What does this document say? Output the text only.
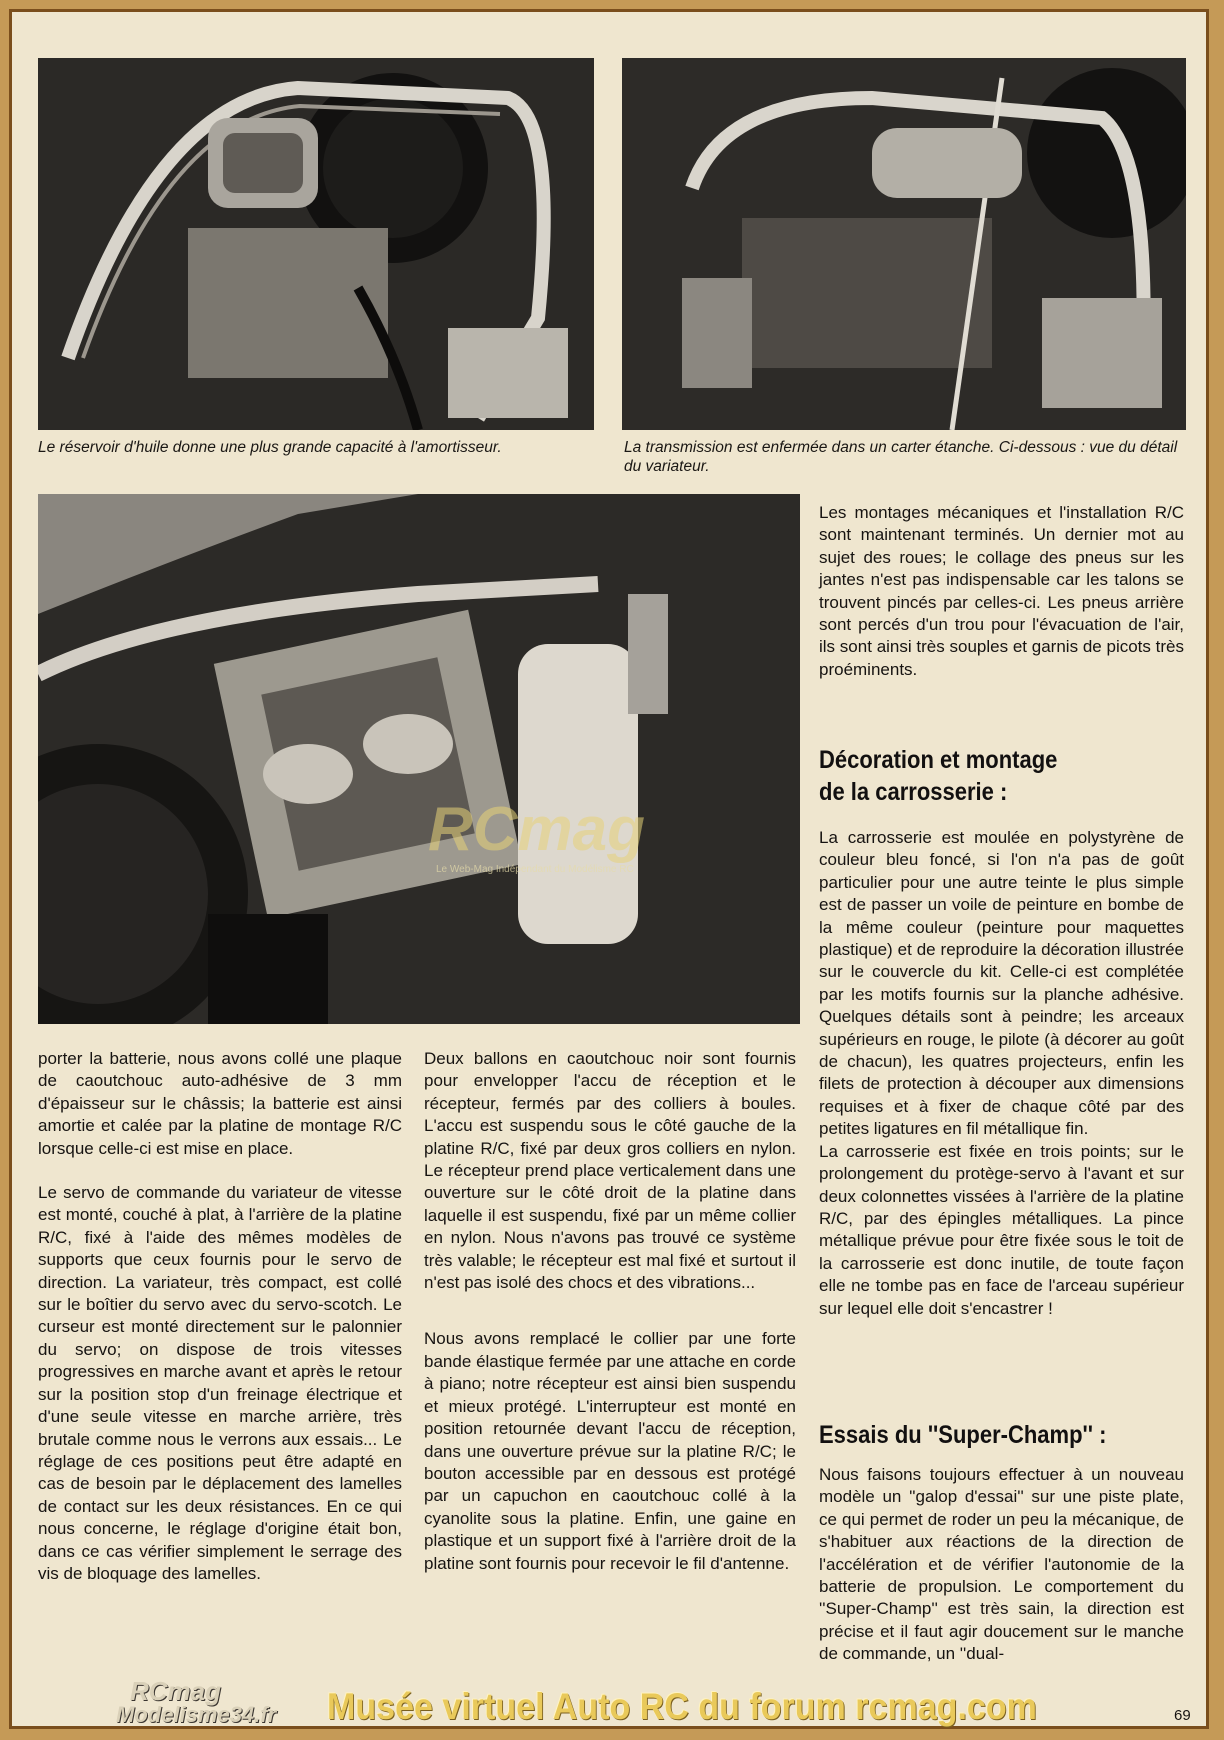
Le réservoir d'huile donne une plus grande capacité à l'amortisseur.	La transmission est enfermée dans un carter étanche. Ci-dessous : vue du détail du variateur.
RCmag
Le Web-Mag Indépendant du Modélisme RC

porter la batterie, nous avons collé une plaque de caoutchouc auto-adhésive de 3 mm d'épaisseur sur le châssis; la batterie est ainsi amortie et calée par la platine de montage R/C lorsque celle-ci est mise en place.

Le servo de commande du variateur de vitesse est monté, couché à plat, à l'arrière de la platine R/C, fixé à l'aide des mêmes modèles de supports que ceux fournis pour le servo de direction. La variateur, très compact, est collé sur le boîtier du servo avec du servo-scotch. Le curseur est monté directement sur le palonnier du servo; on dispose de trois vitesses progressives en marche avant et après le retour sur la position stop d'un freinage électrique et d'une seule vitesse en marche arrière, très brutale comme nous le verrons aux essais... Le réglage de ces positions peut être adapté en cas de besoin par le déplacement des lamelles de contact sur les deux résistances. En ce qui nous concerne, le réglage d'origine était bon, dans ce cas vérifier simplement le serrage des vis de bloquage des lamelles.

Deux ballons en caoutchouc noir sont fournis pour envelopper l'accu de réception et le récepteur, fermés par des colliers à boules. L'accu est suspendu sous le côté gauche de la platine R/C, fixé par deux gros colliers en nylon. Le récepteur prend place verticalement dans une ouverture sur le côté droit de la platine dans laquelle il est suspendu, fixé par un même collier en nylon. Nous n'avons pas trouvé ce système très valable; le récepteur est mal fixé et surtout il n'est pas isolé des chocs et des vibrations...

Nous avons remplacé le collier par une forte bande élastique fermée par une attache en corde à piano; notre récepteur est ainsi bien suspendu et mieux protégé. L'interrupteur est monté en position retournée devant l'accu de réception, dans une ouverture prévue sur la platine R/C; le bouton accessible par en dessous est protégé par un capuchon en caoutchouc collé à la cyanolite sous la platine. Enfin, une gaine en plastique et un support fixé à l'arrière droit de la platine sont fournis pour recevoir le fil d'antenne.

Les montages mécaniques et l'installation R/C sont maintenant terminés. Un dernier mot au sujet des roues; le collage des pneus sur les jantes n'est pas indispensable car les talons se trouvent pincés par celles-ci. Les pneus arrière sont percés d'un trou pour l'évacuation de l'air, ils sont ainsi très souples et garnis de picots très proéminents.

Décoration et montage
de la carrosserie :

La carrosserie est moulée en polystyrène de couleur bleu foncé, si l'on n'a pas de goût particulier pour une autre teinte le plus simple est de passer un voile de peinture en bombe de la même couleur (peinture pour maquettes plastique) et de reproduire la décoration illustrée sur le couvercle du kit. Celle-ci est complétée par les motifs fournis sur la planche adhésive. Quelques détails sont à peindre; les arceaux supérieurs en rouge, le pilote (à décorer au goût de chacun), les quatres projecteurs, enfin les filets de protection à découper aux dimensions requises et à fixer de chaque côté par des petites ligatures en fil métallique fin.

La carrosserie est fixée en trois points; sur le prolongement du protège-servo à l'avant et sur deux colonnettes vissées à l'arrière de la platine R/C, par des épingles métalliques. La pince métallique prévue pour être fixée sous le toit de la carrosserie est donc inutile, de toute façon elle ne tombe pas en face de l'arceau supérieur sur lequel elle doit s'encastrer !

Essais du ''Super-Champ'' :

Nous faisons toujours effectuer à un nouveau modèle un ''galop d'essai'' sur une piste plate, ce qui permet de roder un peu la mécanique, de s'habituer aux réactions de la direction de l'accélération et de vérifier l'autonomie de la batterie de propulsion. Le comportement du ''Super-Champ'' est très sain, la direction est précise et il faut agir doucement sur le manche de commande, un ''dual-

RCmag
Modelisme34.fr Musée virtuel Auto RC du forum rcmag.com	69
